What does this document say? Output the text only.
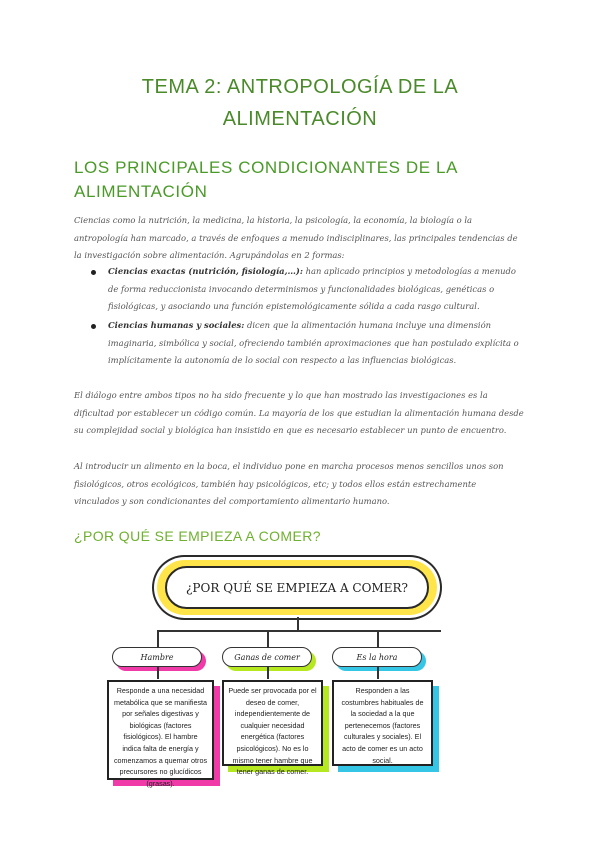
TEMA 2: ANTROPOLOGÍA DE LA
ALIMENTACIÓN
LOS PRINCIPALES CONDICIONANTES DE LA
ALIMENTACIÓN

Ciencias como la nutrición, la medicina, la historia, la psicología, la economía, la biología o la antropología han marcado, a través de enfoques a menudo indisciplinares, las principales tendencias de la investigación sobre alimentación. Agrupándolas en 2 formas:

Ciencias exactas (nutrición, fisiología,…): han aplicado principios y metodologías a menudo de forma reduccionista invocando determinismos y funcionalidades biológicas, genéticas o fisiológicas, y asociando una función epistemológicamente sólida a cada rasgo cultural.

Ciencias humanas y sociales: dicen que la alimentación humana incluye una dimensión imaginaria, simbólica y social, ofreciendo también aproximaciones que han postulado explícita o implícitamente la autonomía de lo social con respecto a las influencias biológicas.

El diálogo entre ambos tipos no ha sido frecuente y lo que han mostrado las investigaciones es la dificultad por establecer un código común. La mayoría de los que estudian la alimentación humana desde su complejidad social y biológica han insistido en que es necesario establecer un punto de encuentro.

Al introducir un alimento en la boca, el individuo pone en marcha procesos menos sencillos unos son fisiológicos, otros ecológicos, también hay psicológicos, etc; y todos ellos están estrechamente vinculados y son condicionantes del comportamiento alimentario humano.

¿POR QUÉ SE EMPIEZA A COMER?
¿POR QUÉ SE EMPIEZA A COMER?
Hambre	Ganas de comer	Es la hora
Responde a una necesidad metabólica que se manifiesta por señales digestivas y biológicas (factores fisiológicos). El hambre indica falta de energía y comenzamos a quemar otros precursores no glucídicos (grasas).
Puede ser provocada por el deseo de comer, independientemente de cualquier necesidad energética (factores psicológicos). No es lo mismo tener hambre que tener ganas de comer.
Responden a las costumbres habituales de la sociedad a la que pertenecemos (factores culturales y sociales). El acto de comer es un acto social.
